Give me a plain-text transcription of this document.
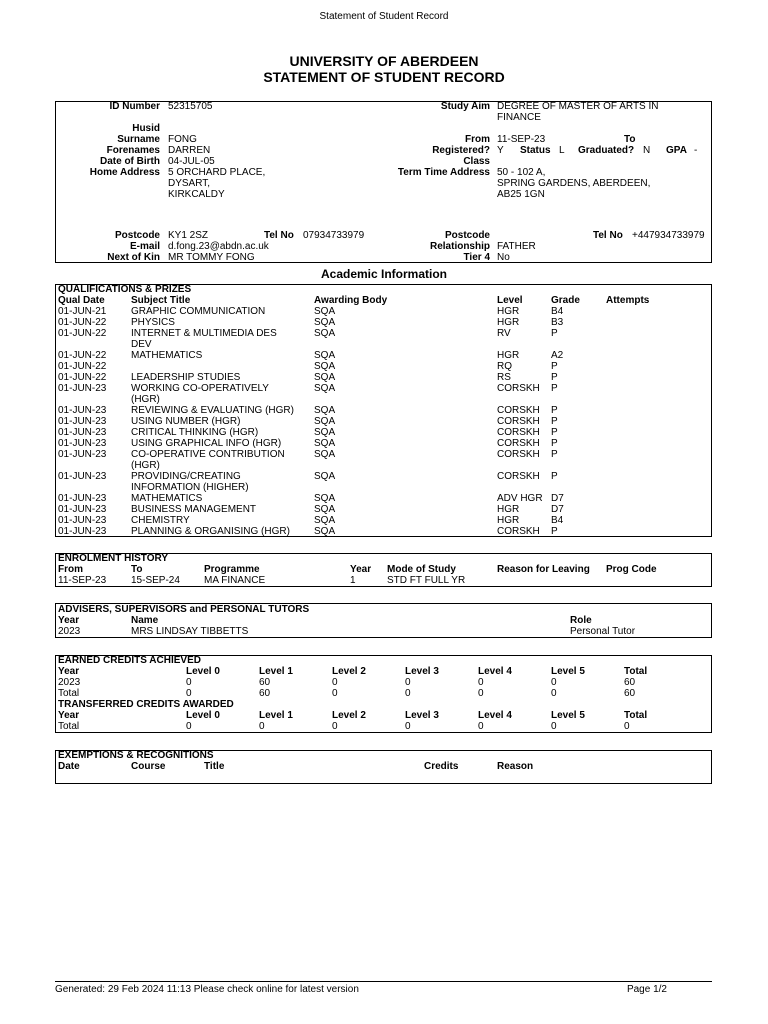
Statement of Student Record
UNIVERSITY OF ABERDEEN
STATEMENT OF STUDENT RECORD
ID Number 52315705
Husid
Surname FONG
Forenames DARREN
Date of Birth 04-JUL-05
Home Address 5 ORCHARD PLACE,
DYSART,
KIRKCALDY
Postcode KY1 2SZ	Tel No 07934733979
E-mail d.fong.23@abdn.ac.uk
Next of Kin MR TOMMY FONG
Study Aim DEGREE OF MASTER OF ARTS IN
FINANCE
From 11-SEP-23	To
Registered? Y Status L Graduated? N GPA -
Class
Term Time Address 50 - 102 A,
SPRING GARDENS, ABERDEEN,
AB25 1GN
Postcode	Tel No +447934733979
Relationship FATHER
Tier 4 No
Academic Information
QUALIFICATIONS & PRIZES
Qual Date	Subject Title	Awarding Body	Level	Grade	Attempts
01-JUN-21 GRAPHIC COMMUNICATION	SQA	HGR	B4
01-JUN-22 PHYSICS	SQA	HGR	B3
01-JUN-22 INTERNET & MULTIMEDIA DES	SQA	RV	P
DEV
01-JUN-22 MATHEMATICS	SQA	HGR	A2
01-JUN-22	SQA	RQ	P
01-JUN-22 LEADERSHIP STUDIES	SQA	RS	P
01-JUN-23 WORKING CO-OPERATIVELY	SQA	CORSKH P
(HGR)
01-JUN-23 REVIEWING & EVALUATING (HGR) SQA	CORSKH P
01-JUN-23 USING NUMBER (HGR)	SQA	CORSKH P
01-JUN-23 CRITICAL THINKING (HGR)	SQA	CORSKH P
01-JUN-23 USING GRAPHICAL INFO (HGR)	SQA	CORSKH P
01-JUN-23 CO-OPERATIVE CONTRIBUTION	SQA	CORSKH P
(HGR)
01-JUN-23 PROVIDING/CREATING	SQA	CORSKH P
INFORMATION (HIGHER)
01-JUN-23 MATHEMATICS	SQA	ADV HGR D7
01-JUN-23 BUSINESS MANAGEMENT	SQA	HGR	D7
01-JUN-23 CHEMISTRY	SQA	HGR	B4
01-JUN-23 PLANNING & ORGANISING (HGR) SQA	CORSKH P
ENROLMENT HISTORY
From	To	Programme	Year Mode of Study	Reason for Leaving Prog Code
11-SEP-23 15-SEP-24 MA FINANCE	1	STD FT FULL YR
ADVISERS, SUPERVISORS and PERSONAL TUTORS
Year	Name	Role
2023	MRS LINDSAY TIBBETTS	Personal Tutor
EARNED CREDITS ACHIEVED
Year	Level 0	Level 1	Level 2	Level 3	Level 4	Level 5	Total
2023	0	60	0	0	0	0	60
Total	0	60	0	0	0	0	60
TRANSFERRED CREDITS AWARDED
Year	Level 0	Level 1	Level 2	Level 3	Level 4	Level 5	Total
Total	0	0	0	0	0	0	0
EXEMPTIONS & RECOGNITIONS
Date	Course	Title	Credits	Reason
Generated: 29 Feb 2024 11:13 Please check online for latest version	Page 1/2
